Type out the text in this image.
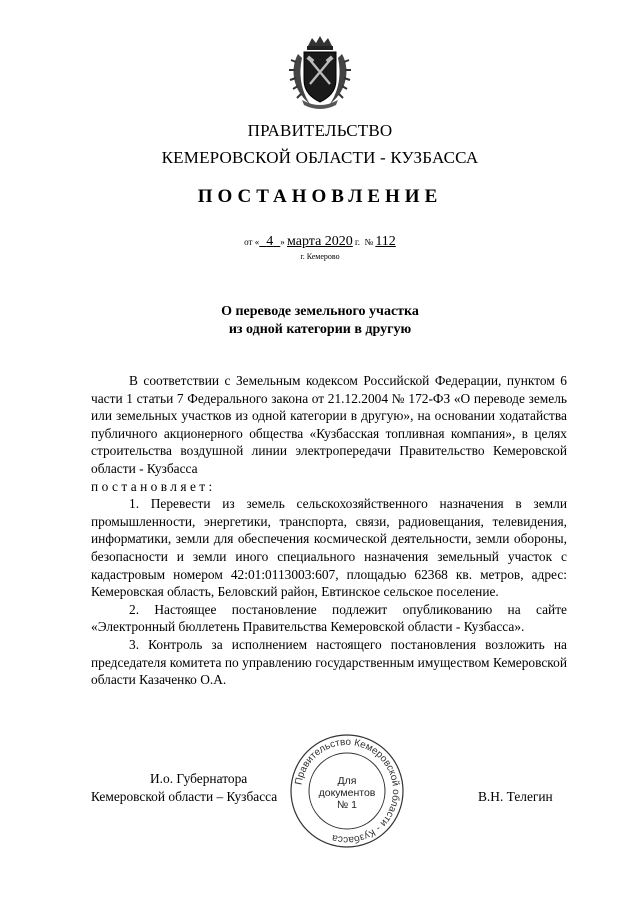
ПРАВИТЕЛЬСТВО
КЕМЕРОВСКОЙ ОБЛАСТИ - КУЗБАССА
ПОСТАНОВЛЕНИЕ
от « 4 » марта 2020 г. № 112
г. Кемерово
О переводе земельного участка
из одной категории в другую

В соответствии с Земельным кодексом Российской Федерации, пунктом 6 части 1 статьи 7 Федерального закона от 21.12.2004 № 172-ФЗ «О переводе земель или земельных участков из одной категории в другую», на основании ходатайства публичного акционерного общества «Кузбасская топливная компания», в целях строительства воздушной линии электропередачи Правительство Кемеровской области - Кузбасса

постановляет:

1. Перевести из земель сельскохозяйственного назначения в земли промышленности, энергетики, транспорта, связи, радиовещания, телевидения, информатики, земли для обеспечения космической деятельности, земли обороны, безопасности и земли иного специального назначения земельный участок с кадастровым номером 42:01:0113003:607, площадью 62368 кв. метров, адрес: Кемеровская область, Беловский район, Евтинское сельское поселение.

2. Настоящее постановление подлежит опубликованию на сайте «Электронный бюллетень Правительства Кемеровской области - Кузбасса».

3. Контроль за исполнением настоящего постановления возложить на председателя комитета по управлению государственным имуществом Кемеровской области Казаченко О.А.

И.о. Губернатора
Кемеровской области – Кузбасса	В.Н. Телегин
Правительство Кемеровской области - Кузбасса
Для
документов
№ 1
